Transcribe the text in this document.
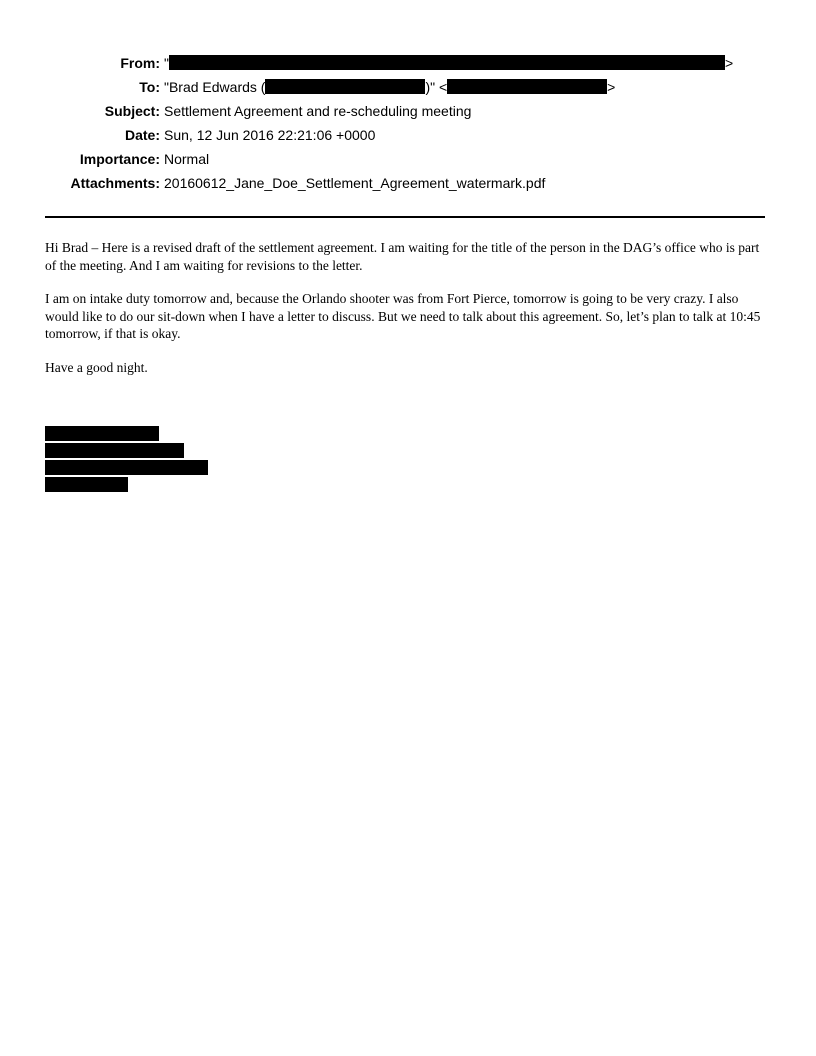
From: "	>
To: "Brad Edwards (	)" <	>
Subject: Settlement Agreement and re-scheduling meeting
Date: Sun, 12 Jun 2016 22:21:06 +0000
Importance: Normal
Attachments: 20160612_Jane_Doe_Settlement_Agreement_watermark.pdf

Hi Brad – Here is a revised draft of the settlement agreement. I am waiting for the title of the person in the DAG’s office who is part of the meeting. And I am waiting for revisions to the letter.

I am on intake duty tomorrow and, because the Orlando shooter was from Fort Pierce, tomorrow is going to be very crazy. I also would like to do our sit-down when I have a letter to discuss. But we need to talk about this agreement. So, let’s plan to talk at 10:45 tomorrow, if that is okay.

Have a good night.
